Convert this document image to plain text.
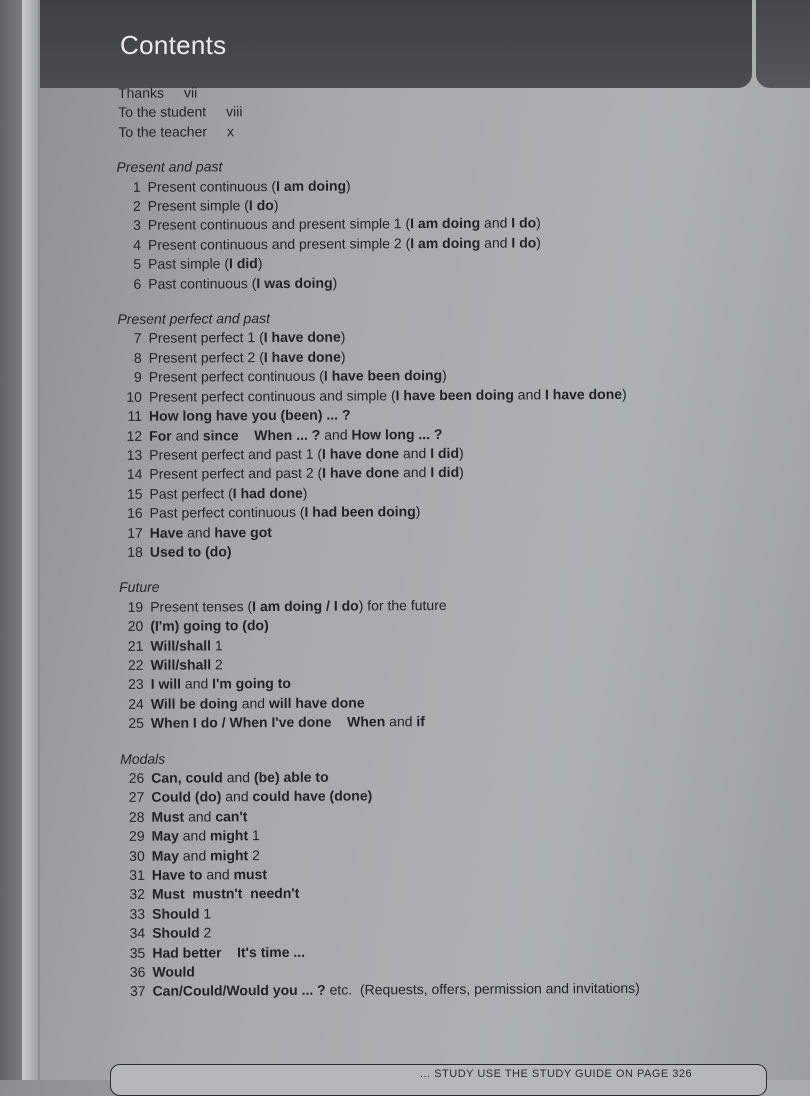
Contents
Thanks vii
To the student viii
To the teacher x
Present and past
1 Present continuous (I am doing)
2 Present simple (I do)
3 Present continuous and present simple 1 (I am doing and I do)
4 Present continuous and present simple 2 (I am doing and I do)
5 Past simple (I did)
6 Past continuous (I was doing)
Present perfect and past
7 Present perfect 1 (I have done)
8 Present perfect 2 (I have done)
9 Present perfect continuous (I have been doing)
10 Present perfect continuous and simple (I have been doing and I have done)
11 How long have you (been) ... ?
12 For and since When ... ? and How long ... ?
13 Present perfect and past 1 (I have done and I did)
14 Present perfect and past 2 (I have done and I did)
15 Past perfect (I had done)
16 Past perfect continuous (I had been doing)
17 Have and have got
18 Used to (do)
Future
19 Present tenses (I am doing / I do) for the future
20 (I'm) going to (do)
21 Will/shall 1
22 Will/shall 2
23 I will and I'm going to
24 Will be doing and will have done
25 When I do / When I've done When and if
Modals
26 Can, could and (be) able to
27 Could (do) and could have (done)
28 Must and can't
29 May and might 1
30 May and might 2
31 Have to and must
32 Must  mustn't  needn't
33 Should 1
34 Should 2
35 Had better It's time ...
36 Would
37 Can/Could/Would you ... ? etc.  (Requests, offers, permission and invitations)
... STUDY USE THE STUDY GUIDE ON PAGE 326
